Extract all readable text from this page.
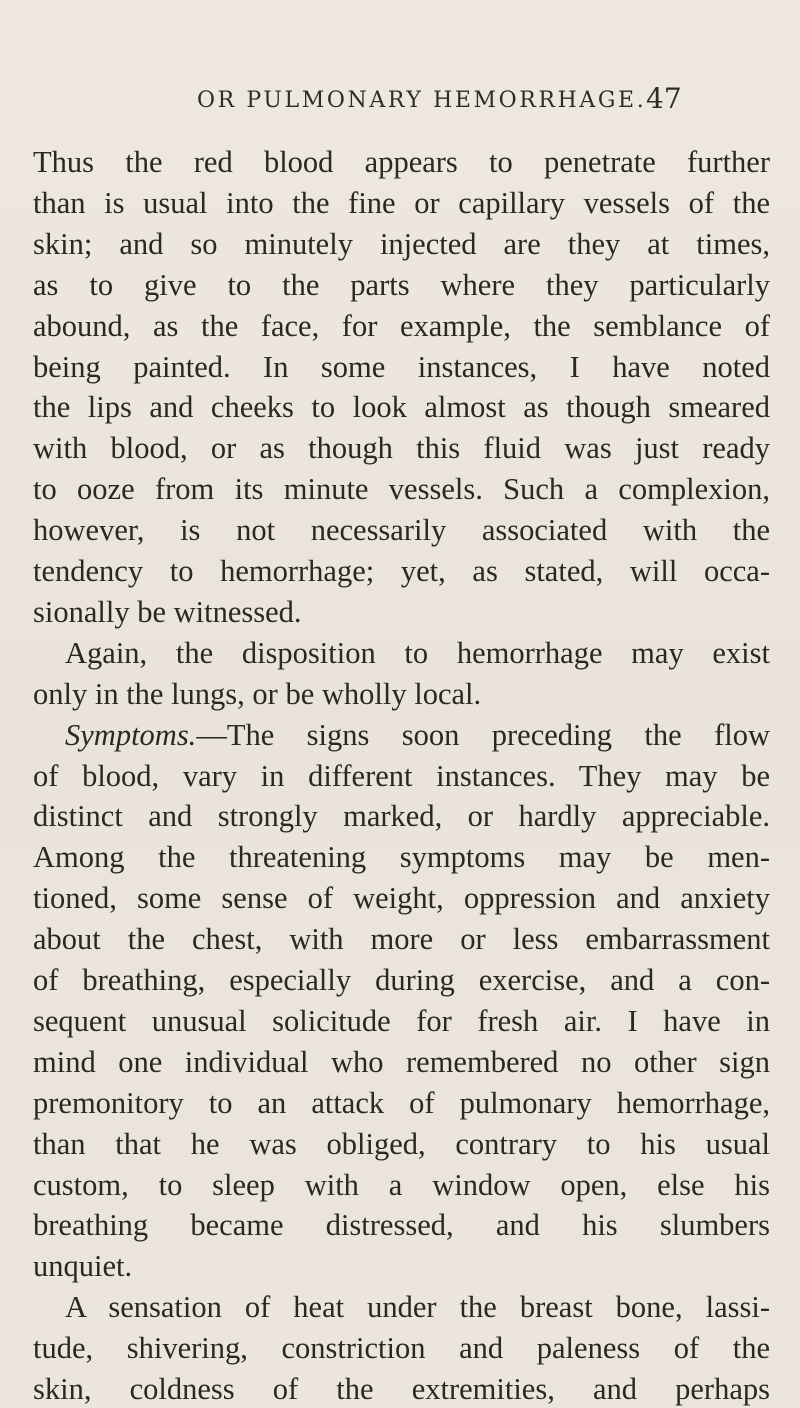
OR PULMONARY HEMORRHAGE. 47
Thus the red blood appears to penetrate further
than is usual into the fine or capillary vessels of the
skin; and so minutely injected are they at times,
as to give to the parts where they particularly
abound, as the face, for example, the semblance of
being painted. In some instances, I have noted
the lips and cheeks to look almost as though smeared
with blood, or as though this fluid was just ready
to ooze from its minute vessels. Such a complexion,
however, is not necessarily associated with the
tendency to hemorrhage; yet, as stated, will occa-
sionally be witnessed.
Again, the disposition to hemorrhage may exist
only in the lungs, or be wholly local.
Symptoms.—The signs soon preceding the flow
of blood, vary in different instances. They may be
distinct and strongly marked, or hardly appreciable.
Among the threatening symptoms may be men-
tioned, some sense of weight, oppression and anxiety
about the chest, with more or less embarrassment
of breathing, especially during exercise, and a con-
sequent unusual solicitude for fresh air. I have in
mind one individual who remembered no other sign
premonitory to an attack of pulmonary hemorrhage,
than that he was obliged, contrary to his usual
custom, to sleep with a window open, else his
breathing became distressed, and his slumbers
unquiet.
A sensation of heat under the breast bone, lassi-
tude, shivering, constriction and paleness of the
skin, coldness of the extremities, and perhaps
